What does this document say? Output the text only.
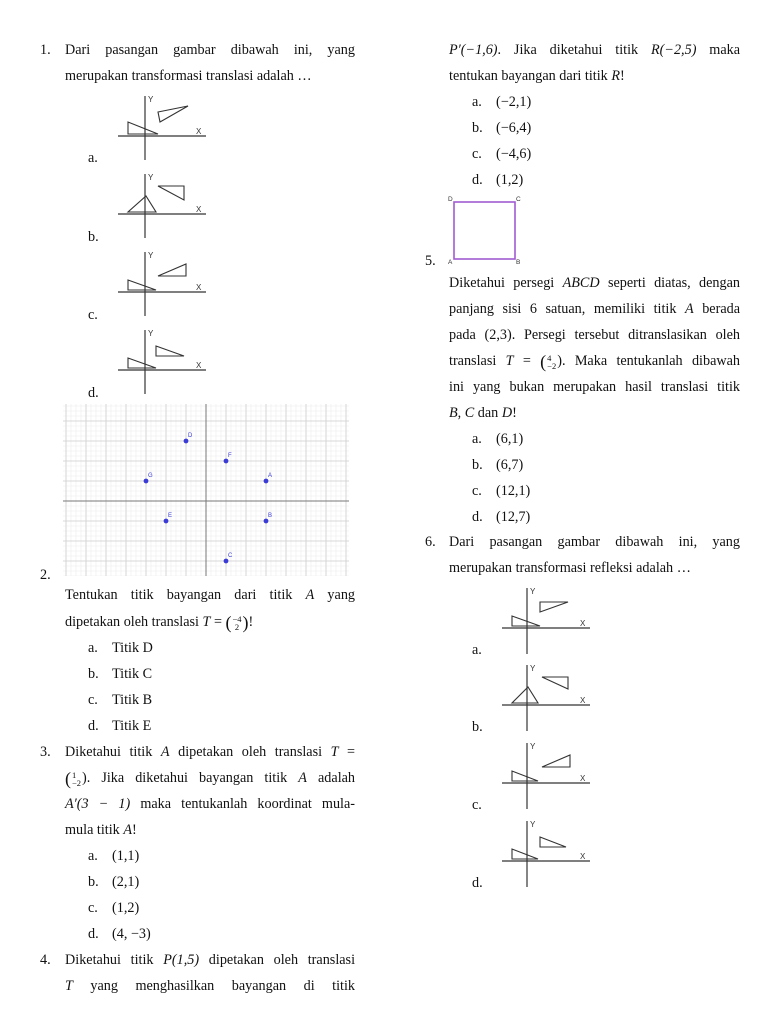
1. Dari pasangan gambar dibawah ini, yang
merupakan transformasi translasi adalah …
a.
Y
X
b.
Y
X
c.
Y
X
d.
Y
X
D
F
G	A
E	B
C
2.
Tentukan titik bayangan dari titik A yang
dipetakan oleh translasi T = ( −4
2 )!
a. Titik D
b. Titik C
c. Titik B
d. Titik E
3. Diketahui titik A dipetakan oleh translasi T =
( 1
−2 ). Jika diketahui bayangan titik A adalah
A′(3 − 1) maka tentukanlah koordinat mula-
mula titik A!
a. (1,1)
b. (2,1)
c. (1,2)
d. (4, −3)
4. Diketahui titik P(1,5) dipetakan oleh translasi
T yang menghasilkan bayangan di titik
P′(−1,6). Jika diketahui titik R(−2,5) maka
tentukan bayangan dari titik R!
a. (−2,1)
b. (−6,4)
c. (−4,6)
d. (1,2)
D	C
A	B
5.
Diketahui persegi ABCD seperti diatas, dengan
panjang sisi 6 satuan, memiliki titik A berada
pada (2,3). Persegi tersebut ditranslasikan oleh
translasi T = ( 4
−2 ). Maka tentukanlah dibawah
ini yang bukan merupakan hasil translasi titik
B, C dan D!
a. (6,1)
b. (6,7)
c. (12,1)
d. (12,7)
6. Dari pasangan gambar dibawah ini, yang
merupakan transformasi refleksi adalah …
a.
Y
X
b.
Y
X
c.
Y
X
d.
Y
X
